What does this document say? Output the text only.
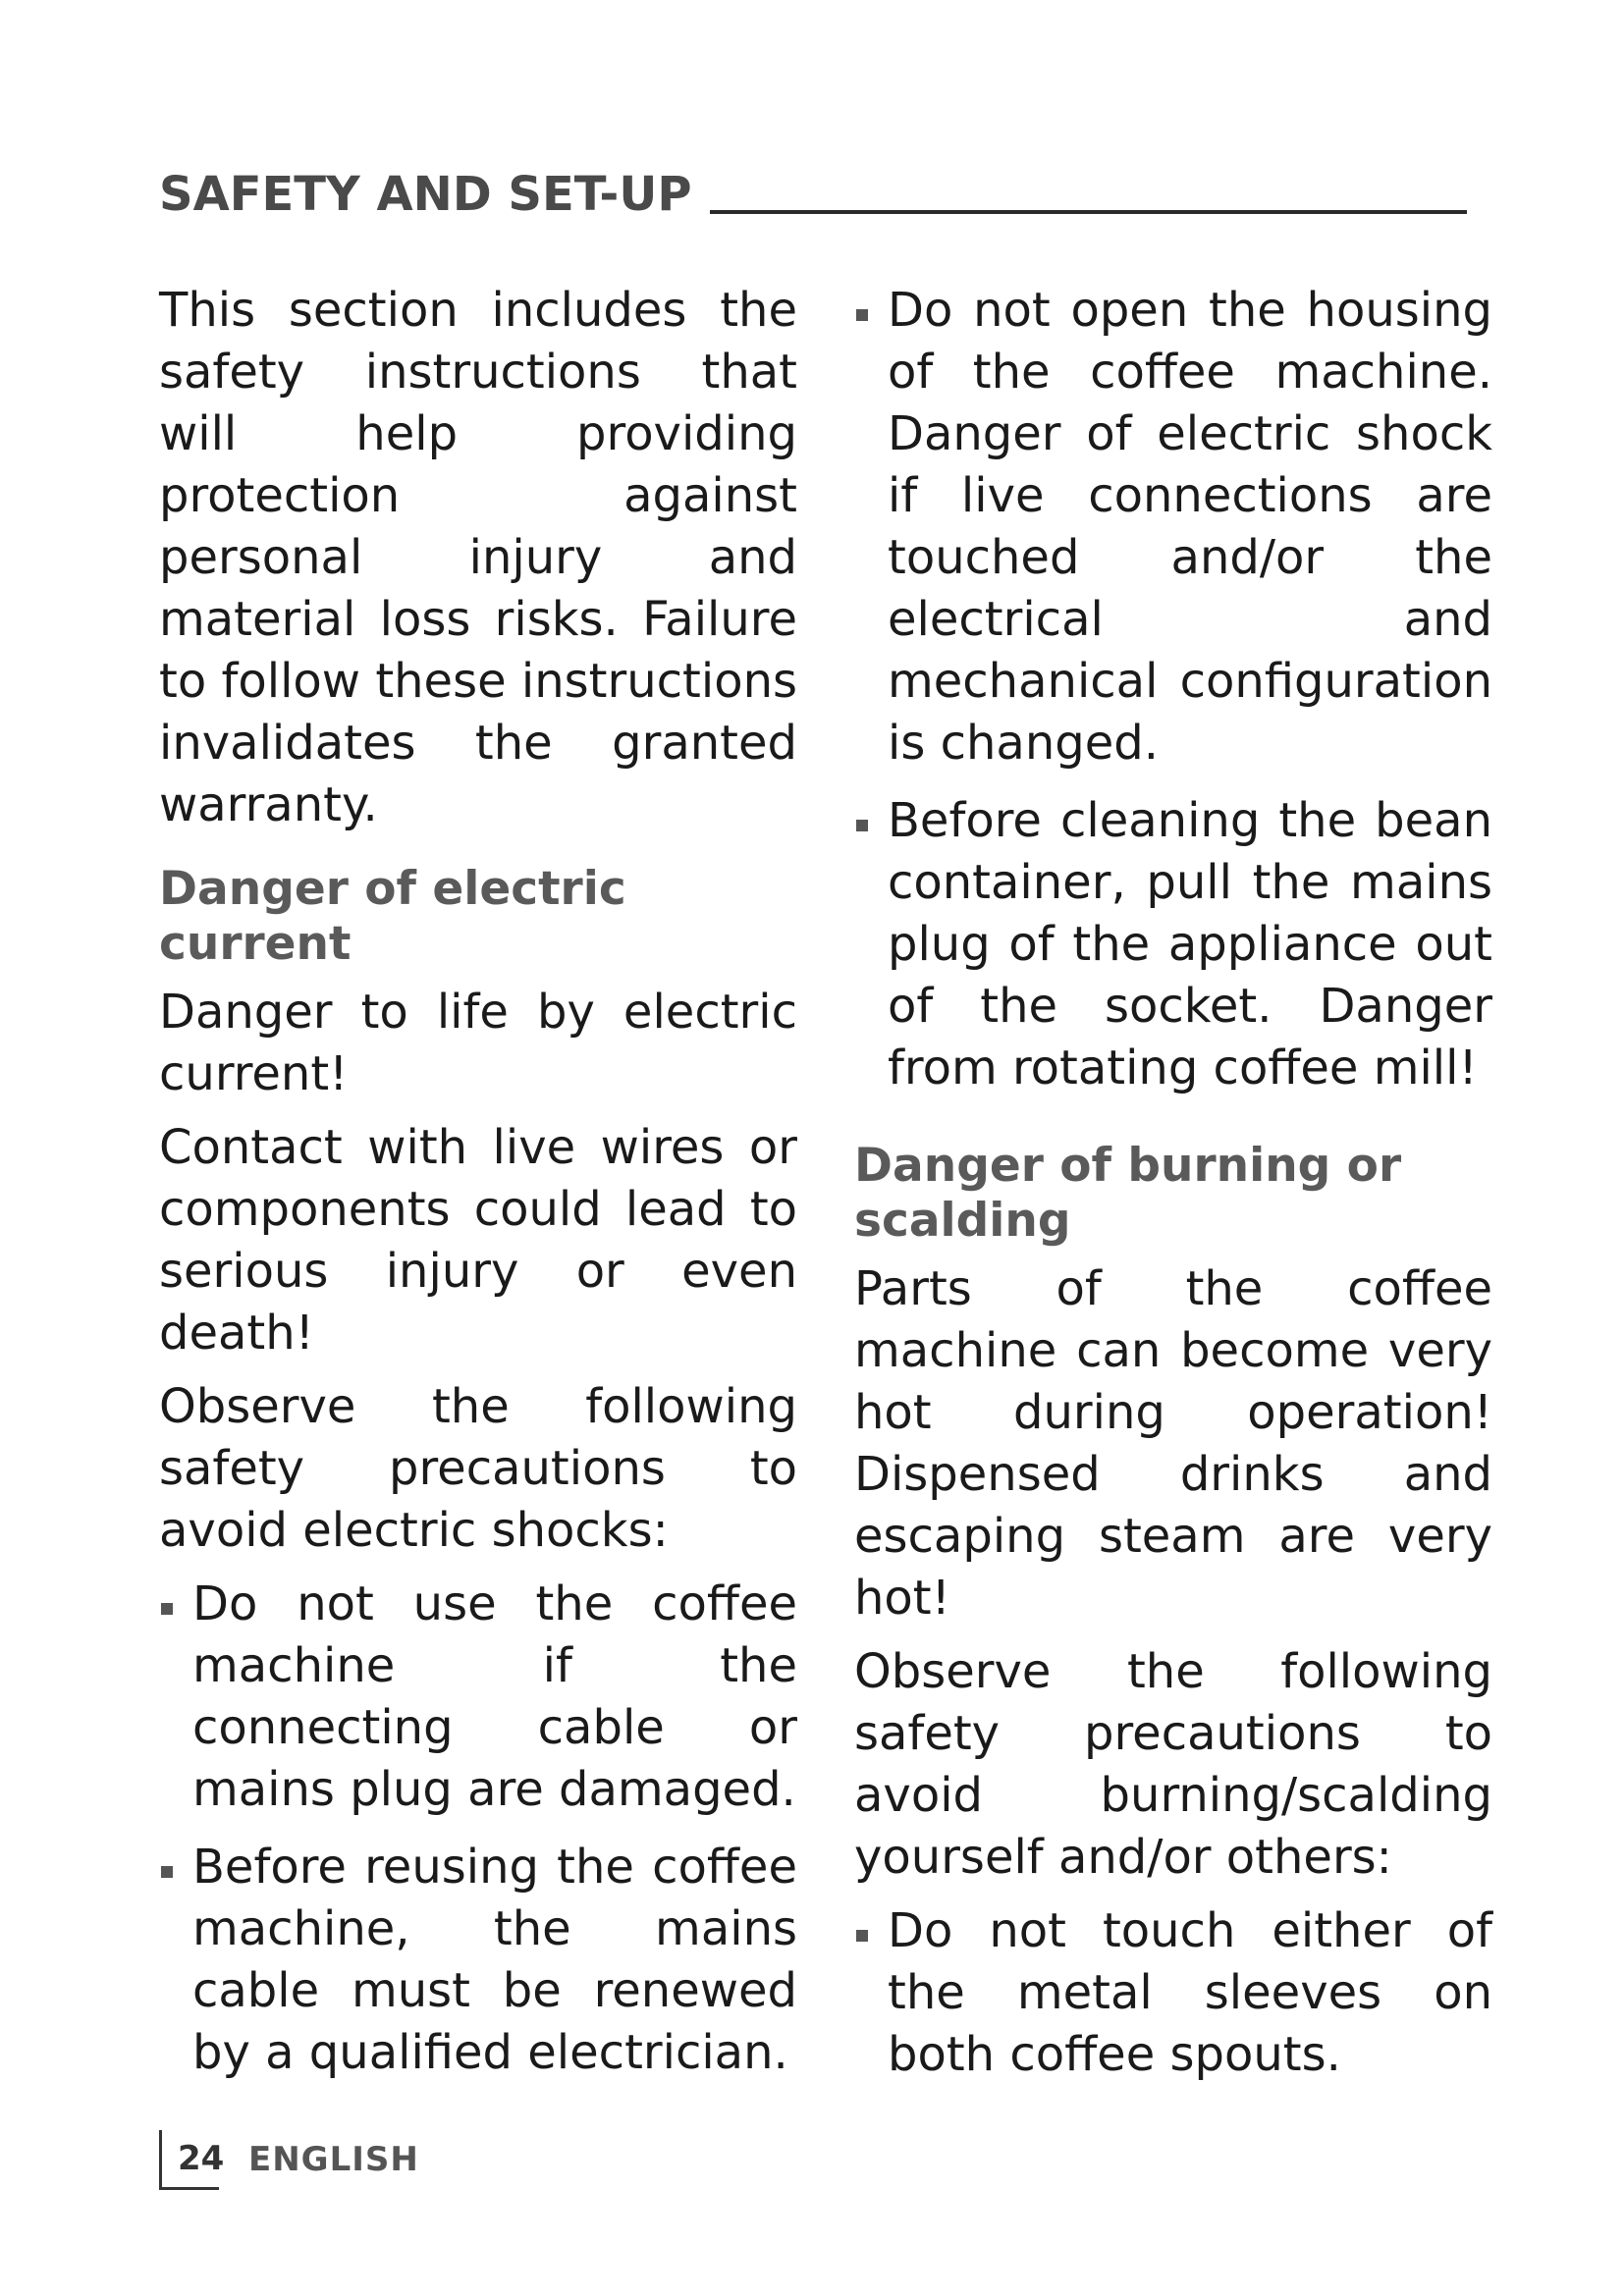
SAFETY AND SET-UP

This section includes the safety instructions that will help providing protection against personal injury and material loss risks. Failure to follow these instructions invalidates the granted warranty.

Danger of electric current

Danger to life by electric current!

Contact with live wires or components could lead to serious injury or even death!

Observe the following safety precautions to avoid electric shocks:

Do not use the coffee machine if the connecting cable or mains plug are damaged.
Before reusing the coffee machine, the mains cable must be renewed by a qualified electrician.
Do not open the housing of the coffee machine. Danger of electric shock if live connections are touched and/or the electrical and mechanical configuration is changed.
Before cleaning the bean container, pull the mains plug of the appliance out of the socket. Danger from rotating coffee mill!
Danger of burning or scalding

Parts of the coffee machine can become very hot during operation! Dispensed drinks and escaping steam are very hot!

Observe the following safety precautions to avoid burning/scalding yourself and/or others:

Do not touch either of the metal sleeves on both coffee spouts.
24 ENGLISH
